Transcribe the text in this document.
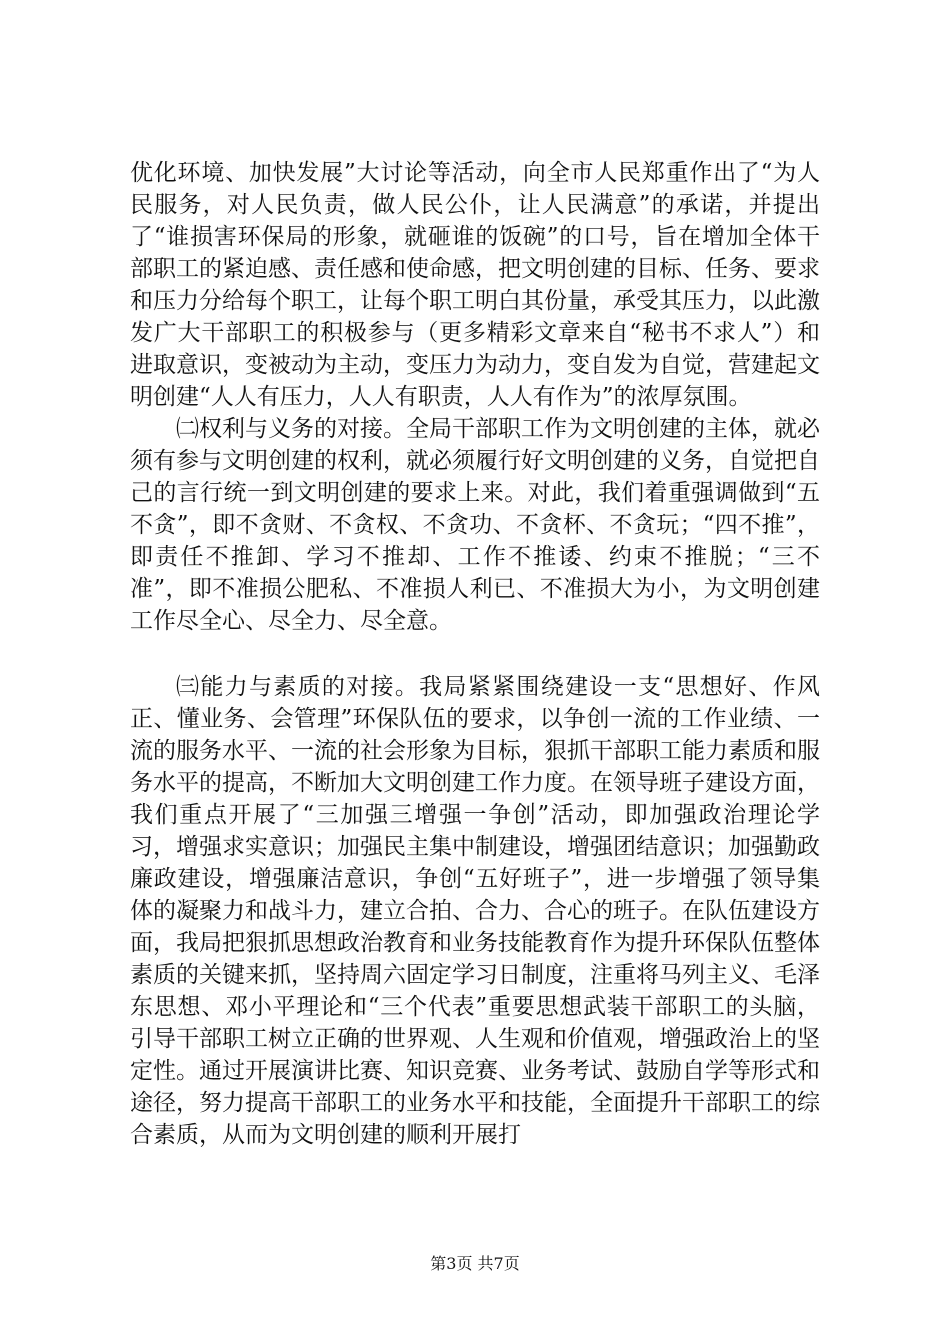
优化环境、加快发展”大讨论等活动，向全市人民郑重作出了“为人民服务，对人民负责，做人民公仆，让人民满意”的承诺，并提出了“谁损害环保局的形象，就砸谁的饭碗”的口号，旨在增加全体干部职工的紧迫感、责任感和使命感，把文明创建的目标、任务、要求和压力分给每个职工，让每个职工明白其份量，承受其压力，以此激发广大干部职工的积极参与（更多精彩文章来自“秘书不求人”）和进取意识，变被动为主动，变压力为动力，变自发为自觉，营建起文明创建“人人有压力，人人有职责，人人有作为”的浓厚氛围。

㈡权利与义务的对接。全局干部职工作为文明创建的主体，就必须有参与文明创建的权利，就必须履行好文明创建的义务，自觉把自己的言行统一到文明创建的要求上来。对此，我们着重强调做到“五不贪”，即不贪财、不贪权、不贪功、不贪杯、不贪玩；“四不推”，即责任不推卸、学习不推却、工作不推诿、约束不推脱；“三不准”，即不准损公肥私、不准损人利已、不准损大为小，为文明创建工作尽全心、尽全力、尽全意。

㈢能力与素质的对接。我局紧紧围绕建设一支“思想好、作风正、懂业务、会管理”环保队伍的要求，以争创一流的工作业绩、一流的服务水平、一流的社会形象为目标，狠抓干部职工能力素质和服务水平的提高，不断加大文明创建工作力度。在领导班子建设方面，我们重点开展了“三加强三增强一争创”活动，即加强政治理论学习，增强求实意识；加强民主集中制建设，增强团结意识；加强勤政廉政建设，增强廉洁意识，争创“五好班子”，进一步增强了领导集体的凝聚力和战斗力，建立合拍、合力、合心的班子。在队伍建设方面，我局把狠抓思想政治教育和业务技能教育作为提升环保队伍整体素质的关键来抓，坚持周六固定学习日制度，注重将马列主义、毛泽东思想、邓小平理论和“三个代表”重要思想武装干部职工的头脑，引导干部职工树立正确的世界观、人生观和价值观，增强政治上的坚定性。通过开展演讲比赛、知识竞赛、业务考试、鼓励自学等形式和途径，努力提高干部职工的业务水平和技能，全面提升干部职工的综合素质，从而为文明创建的顺利开展打

第3页 共7页
